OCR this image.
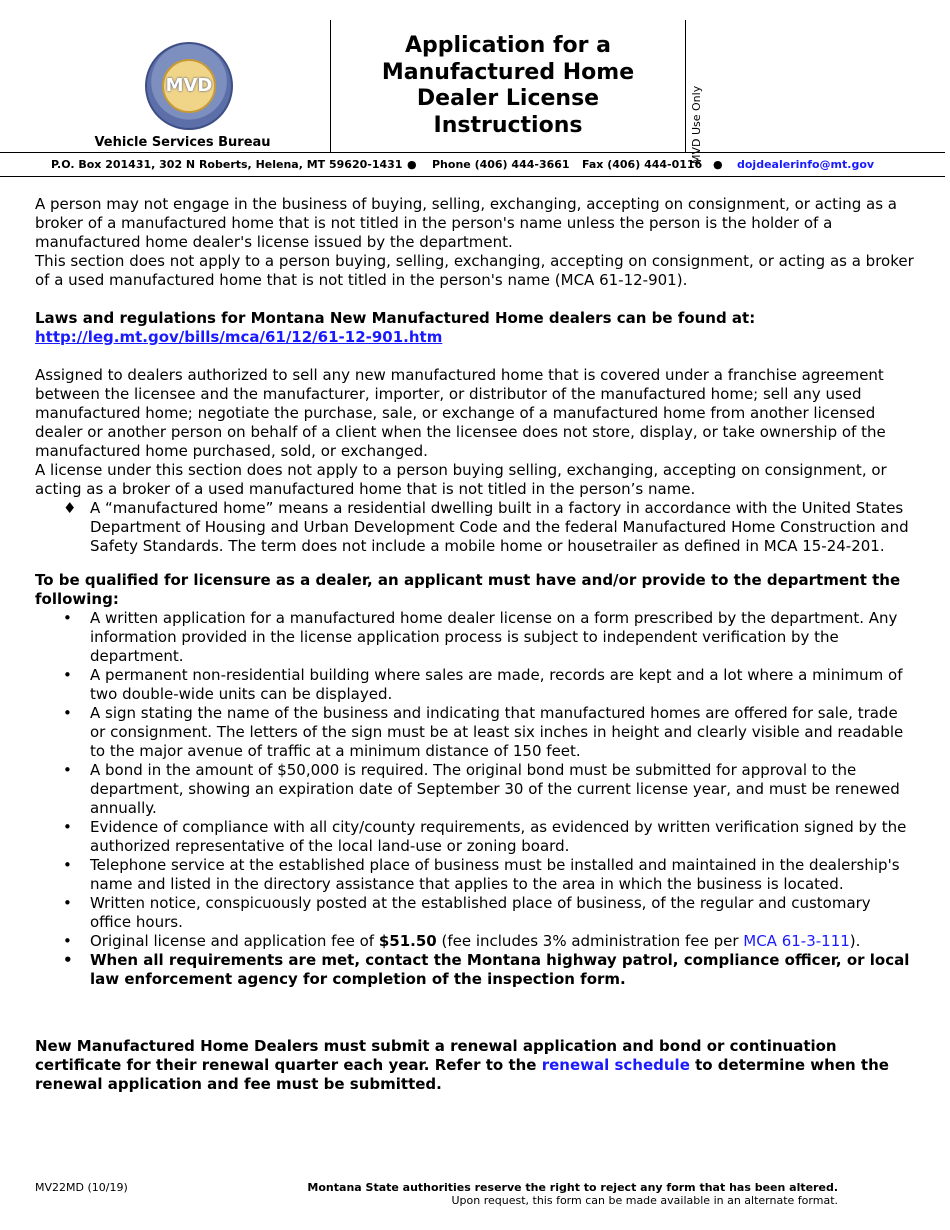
MVD
Vehicle Services Bureau
Application for a Manufactured Home Dealer License Instructions	MVD Use Only
P.O. Box 201431, 302 N Roberts, Helena, MT 59620-1431 ● Phone (406) 444-3661 Fax (406) 444-0116 ● dojdealerinfo@mt.gov

A person may not engage in the business of buying, selling, exchanging, accepting on consignment, or acting as a broker of a manufactured home that is not titled in the person's name unless the person is the holder of a manufactured home dealer's license issued by the department.

This section does not apply to a person buying, selling, exchanging, accepting on consignment, or acting as a broker of a used manufactured home that is not titled in the person's name (MCA 61-12-901).

Laws and regulations for Montana New Manufactured Home dealers can be found at:

http://leg.mt.gov/bills/mca/61/12/61-12-901.htm

Assigned to dealers authorized to sell any new manufactured home that is covered under a franchise agreement between the licensee and the manufacturer, importer, or distributor of the manufactured home; sell any used manufactured home; negotiate the purchase, sale, or exchange of a manufactured home from another licensed dealer or another person on behalf of a client when the licensee does not store, display, or take ownership of the manufactured home purchased, sold, or exchanged.

A license under this section does not apply to a person buying selling, exchanging, accepting on consignment, or acting as a broker of a used manufactured home that is not titled in the person’s name.

♦ A “manufactured home” means a residential dwelling built in a factory in accordance with the United States Department of Housing and Urban Development Code and the federal Manufactured Home Construction and Safety Standards. The term does not include a mobile home or housetrailer as defined in MCA 15-24-201.

To be qualified for licensure as a dealer, an applicant must have and/or provide to the department the following:

• A written application for a manufactured home dealer license on a form prescribed by the department. Any information provided in the license application process is subject to independent verification by the department.
• A permanent non-residential building where sales are made, records are kept and a lot where a minimum of two double-wide units can be displayed.
• A sign stating the name of the business and indicating that manufactured homes are offered for sale, trade or consignment. The letters of the sign must be at least six inches in height and clearly visible and readable to the major avenue of traffic at a minimum distance of 150 feet.
• A bond in the amount of $50,000 is required. The original bond must be submitted for approval to the department, showing an expiration date of September 30 of the current license year, and must be renewed annually.
• Evidence of compliance with all city/county requirements, as evidenced by written verification signed by the authorized representative of the local land-use or zoning board.
• Telephone service at the established place of business must be installed and maintained in the dealership's name and listed in the directory assistance that applies to the area in which the business is located.
• Written notice, conspicuously posted at the established place of business, of the regular and customary office hours.
• Original license and application fee of $51.50 (fee includes 3% administration fee per MCA 61-3-111).
• When all requirements are met, contact the Montana highway patrol, compliance officer, or local law enforcement agency for completion of the inspection form.

New Manufactured Home Dealers must submit a renewal application and bond or continuation certificate for their renewal quarter each year. Refer to the renewal schedule to determine when the renewal application and fee must be submitted.

MV22MD (10/19)	Montana State authorities reserve the right to reject any form that has been altered.
Upon request, this form can be made available in an alternate format.
